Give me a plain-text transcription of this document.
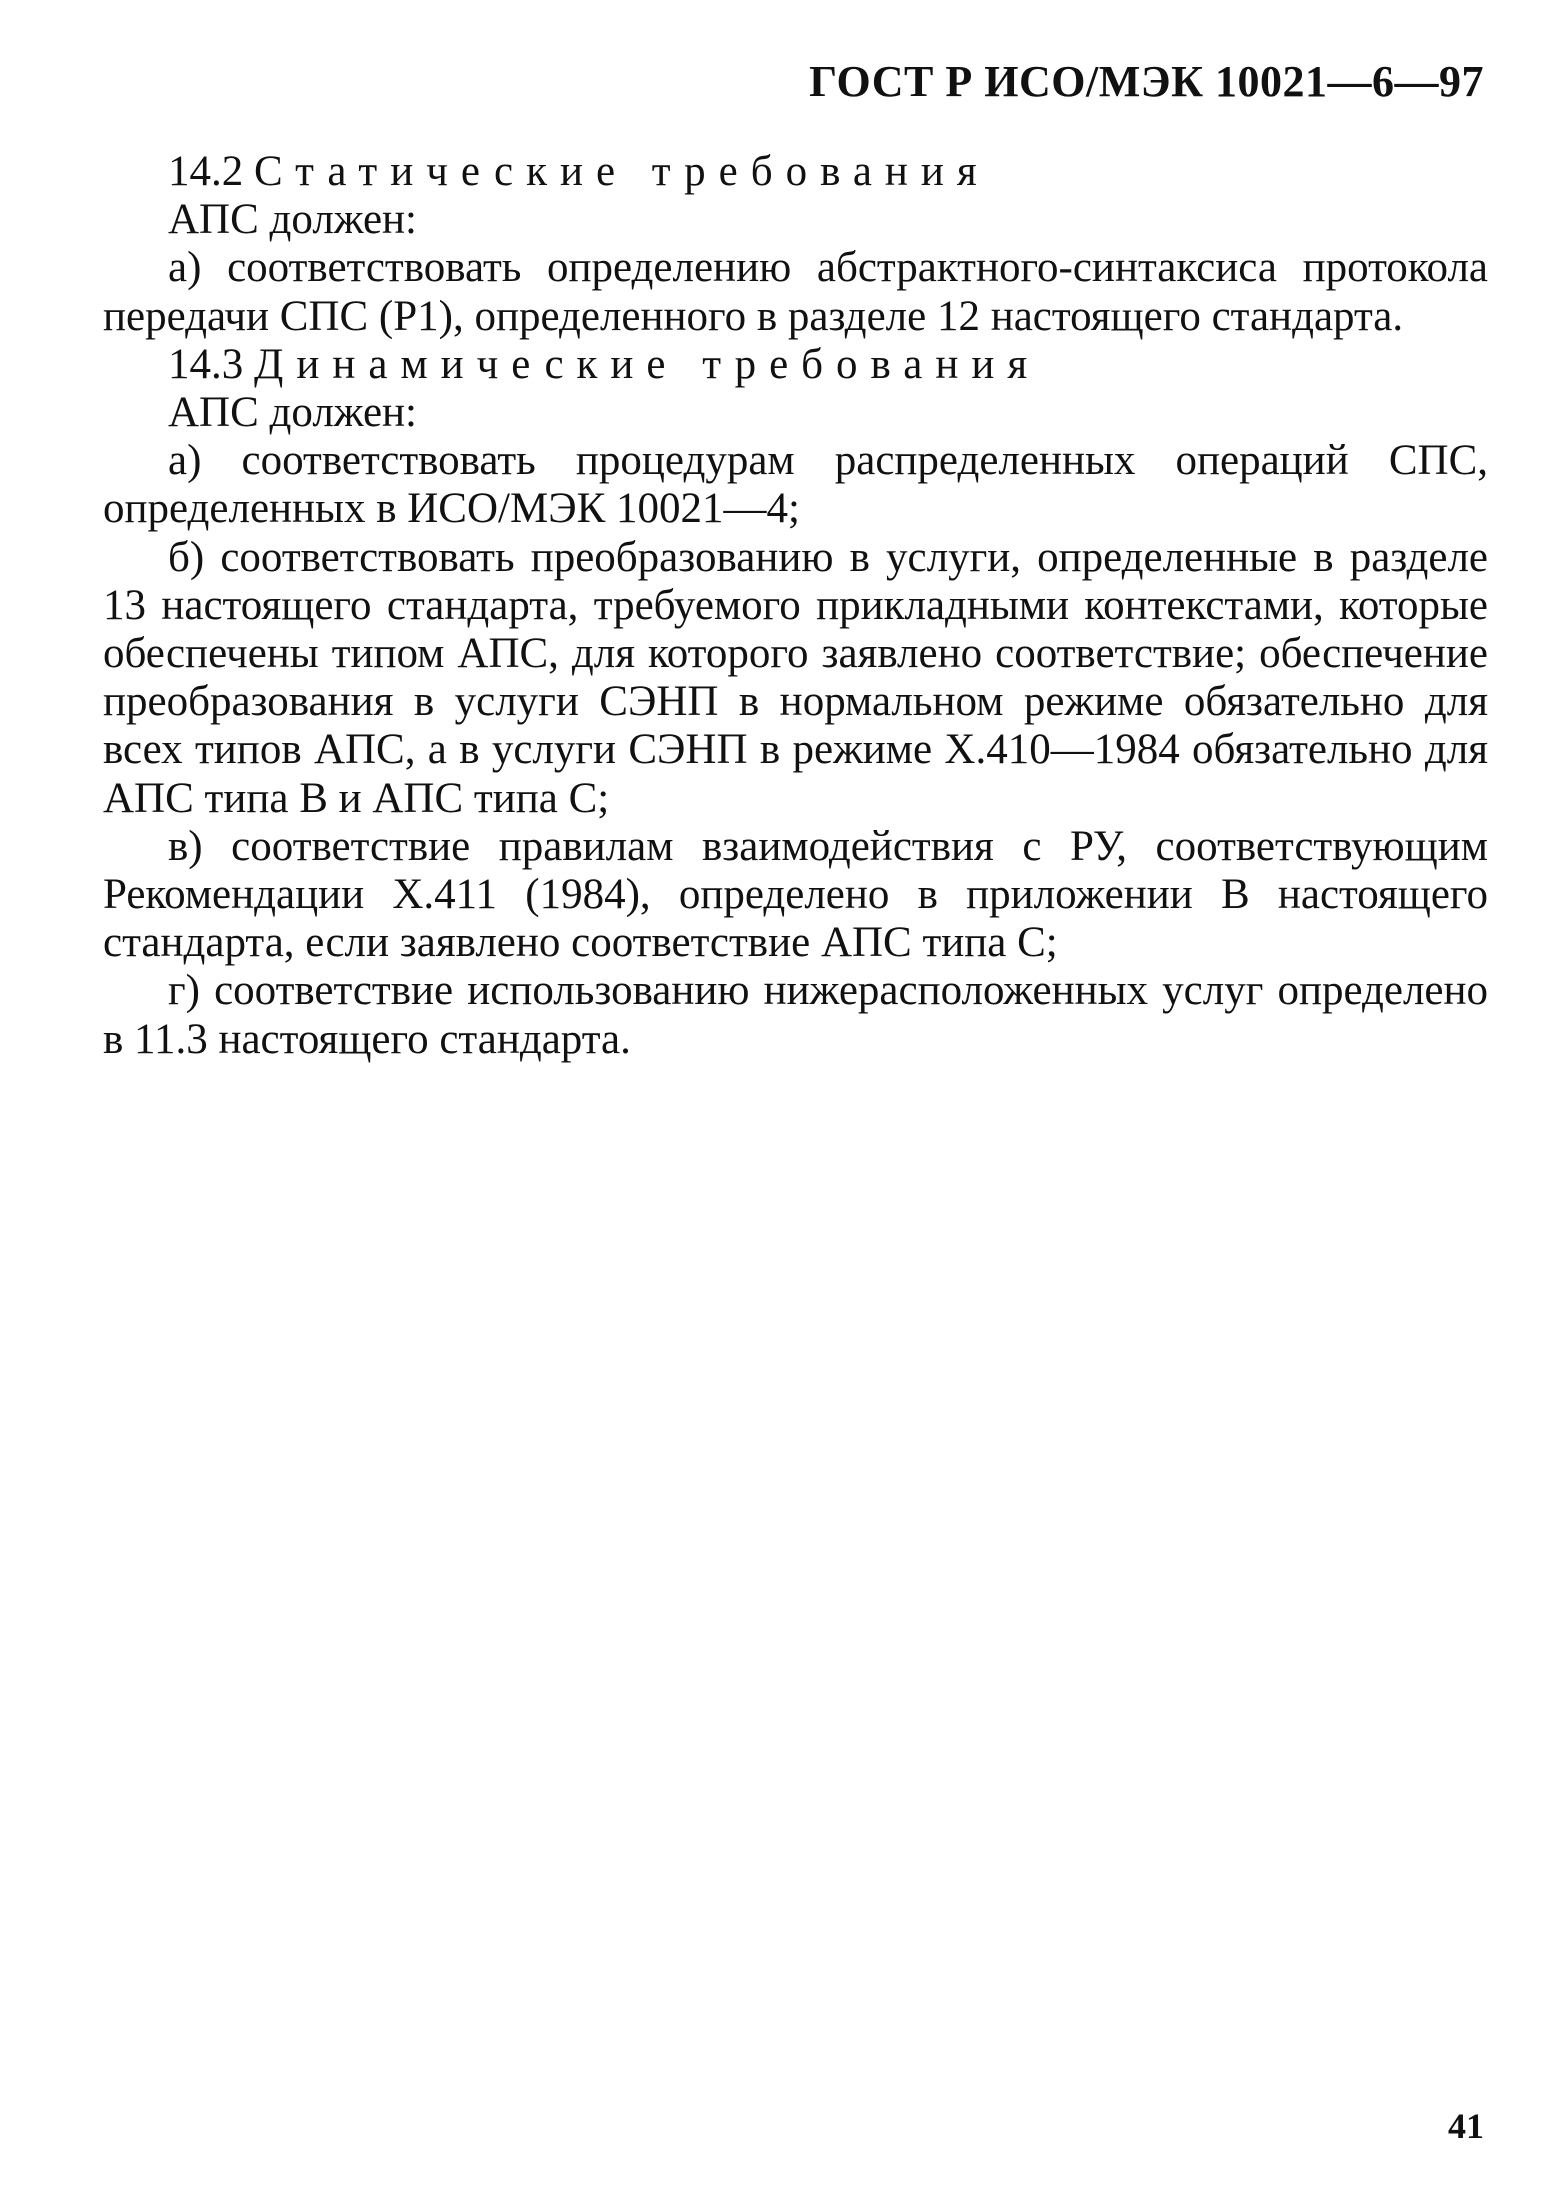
ГОСТ Р ИСО/МЭК 10021—6—97

14.2 Статические требования

АПС должен:

а) соответствовать определению абстрактного-синтаксиса протокола передачи СПС (Р1), определенного в разделе 12 настоящего стандарта.

14.3 Динамические требования

АПС должен:

а) соответствовать процедурам распределенных операций СПС, определенных в ИСО/МЭК 10021—4;

б) соответствовать преобразованию в услуги, определенные в разделе 13 настоящего стандарта, требуемого прикладными контекстами, которые обеспечены типом АПС, для которого заявлено соответствие; обеспечение преобразования в услуги СЭНП в нормальном режиме обязательно для всех типов АПС, а в услуги СЭНП в режиме Х.410—1984 обязательно для АПС типа В и АПС типа С;

в) соответствие правилам взаимодействия с РУ, соответствующим Рекомендации Х.411 (1984), определено в приложении В настоящего стандарта, если заявлено соответствие АПС типа С;

г) соответствие использованию нижерасположенных услуг определено в 11.3 настоящего стандарта.

41
